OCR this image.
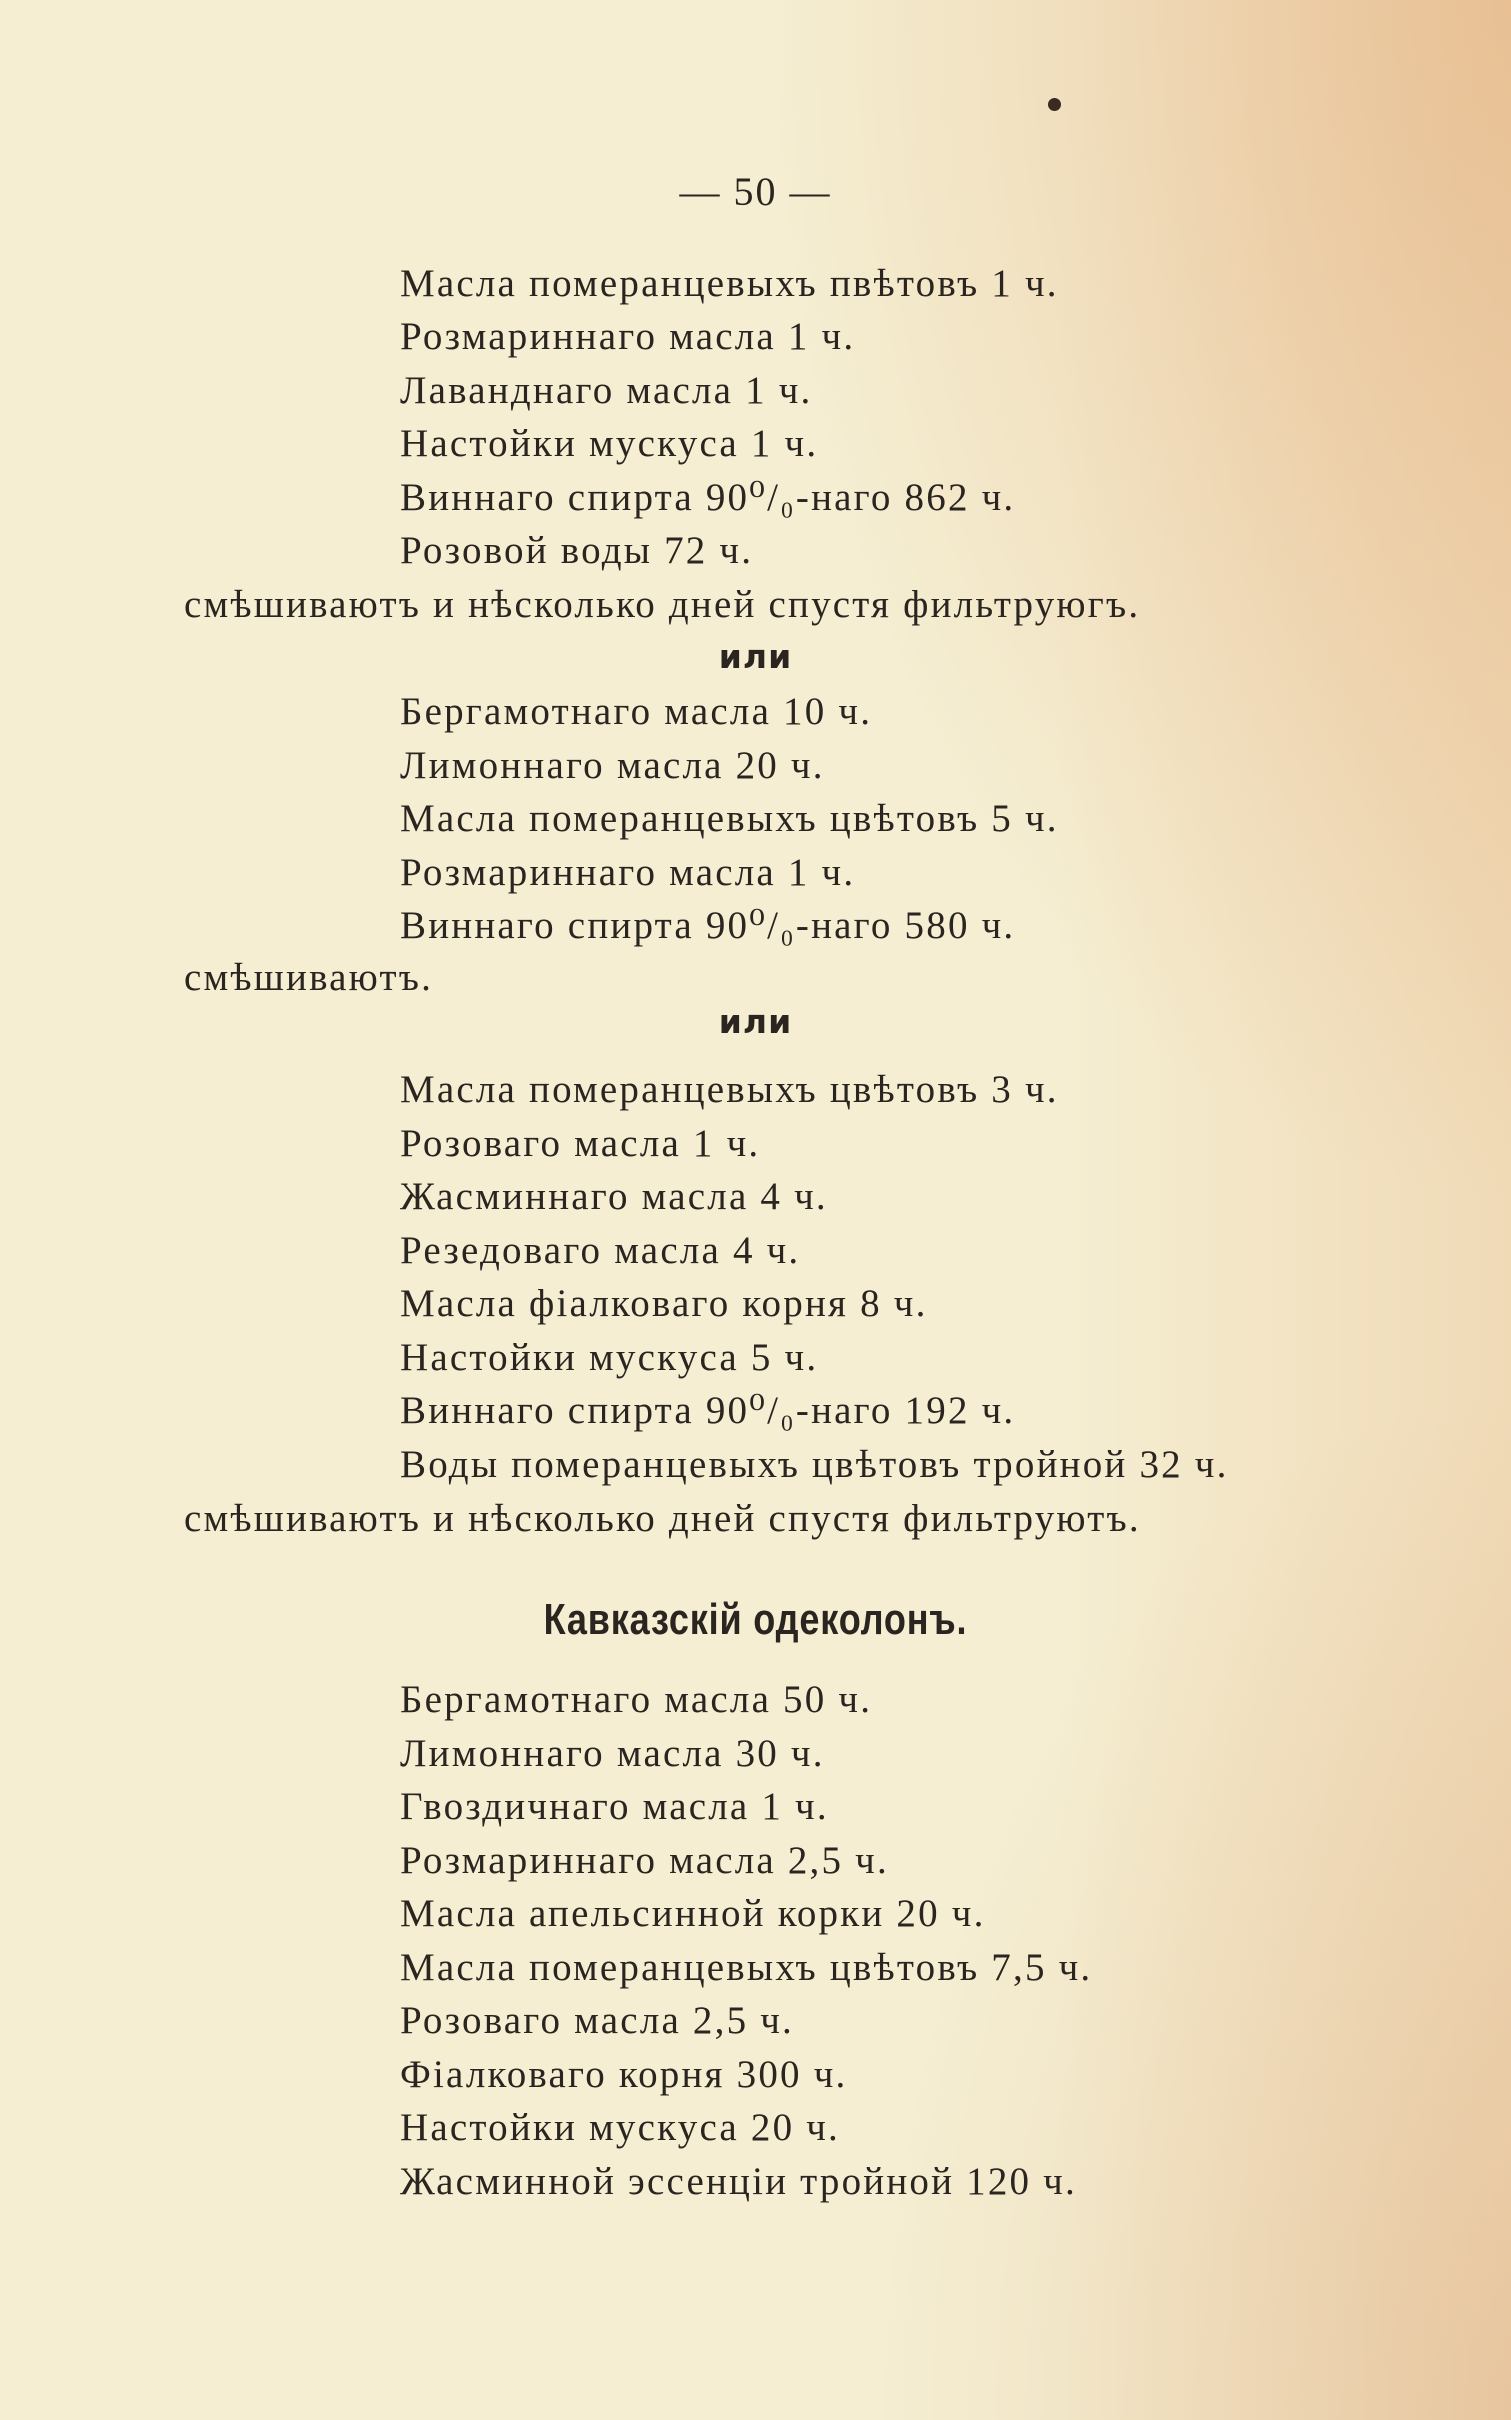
— 50 —
Масла померанцевыхъ пвѣтовъ 1 ч.
Розмариннаго масла 1 ч.
Лаванднаго масла 1 ч.
Настойки мускуса 1 ч.
Виннаго спирта 90⁰/₀-наго 862 ч.
Розовой воды 72 ч.
смѣшиваютъ и нѣсколько дней спустя фильтруюгъ.
или
Бергамотнаго масла 10 ч.
Лимоннаго масла 20 ч.
Масла померанцевыхъ цвѣтовъ 5 ч.
Розмариннаго масла 1 ч.
Виннаго спирта 90⁰/₀-наго 580 ч.
смѣшиваютъ.
или
Масла померанцевыхъ цвѣтовъ 3 ч.
Розоваго масла 1 ч.
Жасминнаго масла 4 ч.
Резедоваго масла 4 ч.
Масла фіалковаго корня 8 ч.
Настойки мускуса 5 ч.
Виннаго спирта 90⁰/₀-наго 192 ч.
Воды померанцевыхъ цвѣтовъ тройной 32 ч.
смѣшиваютъ и нѣсколько дней спустя фильтруютъ.
Кавказскій одеколонъ.
Бергамотнаго масла 50 ч.
Лимоннаго масла 30 ч.
Гвоздичнаго масла 1 ч.
Розмариннаго масла 2,5 ч.
Масла апельсинной корки 20 ч.
Масла померанцевыхъ цвѣтовъ 7,5 ч.
Розоваго масла 2,5 ч.
Фіалковаго корня 300 ч.
Настойки мускуса 20 ч.
Жасминной эссенціи тройной 120 ч.
